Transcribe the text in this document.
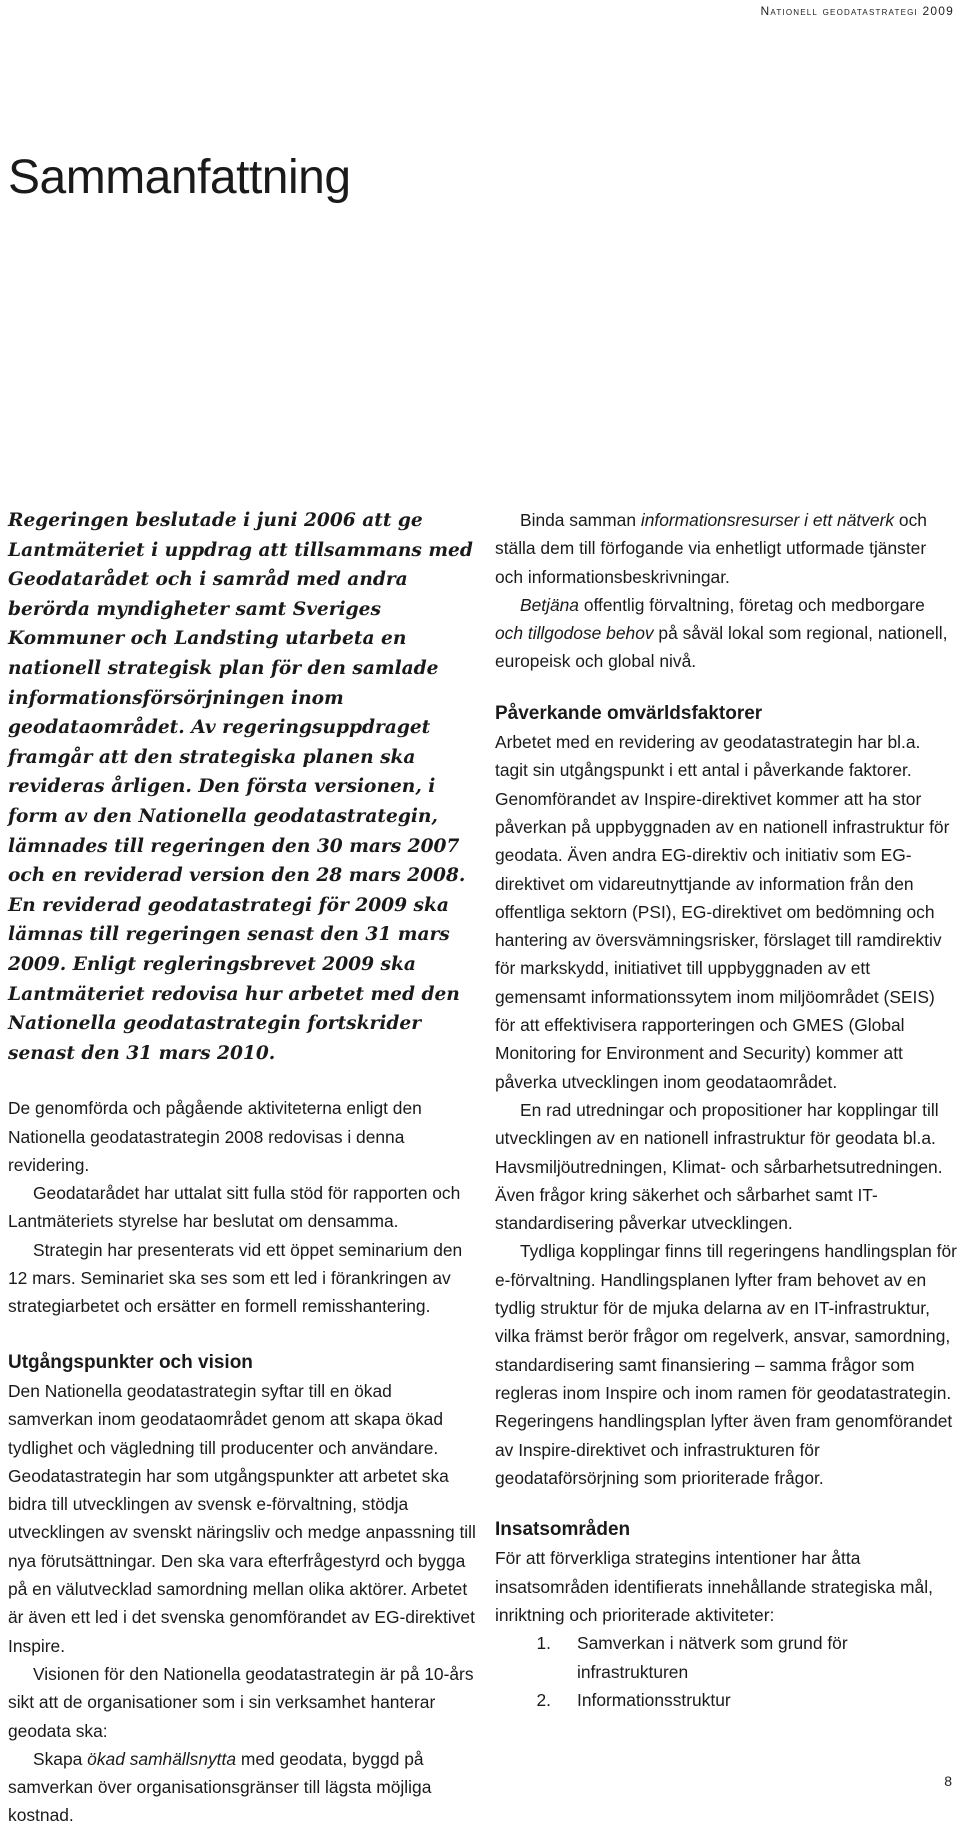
Nationell geodatastrategi 2009
Sammanfattning

Regeringen beslutade i juni 2006 att ge Lantmäteriet i uppdrag att tillsammans med Geodatarådet och i samråd med andra berörda myndigheter samt Sveriges Kommuner och Landsting utarbeta en nationell strategisk plan för den samlade informationsförsörjningen inom geodataområdet. Av regeringsuppdraget framgår att den strategiska planen ska revideras årligen. Den första versionen, i form av den Nationella geodatastrategin, lämnades till regeringen den 30 mars 2007 och en reviderad version den 28 mars 2008. En reviderad geodatastrategi för 2009 ska lämnas till regeringen senast den 31 mars 2009. Enligt regleringsbrevet 2009 ska Lantmäteriet redovisa hur arbetet med den Nationella geodatastrategin fortskrider senast den 31 mars 2010.

De genomförda och pågående aktiviteterna enligt den Nationella geodatastrategin 2008 redovisas i denna revidering.

Geodatarådet har uttalat sitt fulla stöd för rapporten och Lantmäteriets styrelse har beslutat om densamma.

Strategin har presenterats vid ett öppet seminarium den 12 mars. Seminariet ska ses som ett led i förankringen av strategiarbetet och ersätter en formell remisshantering.

Utgångspunkter och vision

Den Nationella geodatastrategin syftar till en ökad samverkan inom geodataområdet genom att skapa ökad tydlighet och vägledning till producenter och användare.

Geodatastrategin har som utgångspunkter att arbetet ska bidra till utvecklingen av svensk e-förvaltning, stödja utvecklingen av svenskt näringsliv och medge anpassning till nya förutsättningar. Den ska vara efterfrågestyrd och bygga på en välutvecklad samordning mellan olika aktörer. Arbetet är även ett led i det svenska genomförandet av EG-direktivet Inspire.

Visionen för den Nationella geodatastrategin är på 10-års sikt att de organisationer som i sin verksamhet hanterar geodata ska:

Skapa ökad samhällsnytta med geodata, byggd på samverkan över organisationsgränser till lägsta möjliga kostnad.

Binda samman informationsresurser i ett nätverk och ställa dem till förfogande via enhetligt utformade tjänster och informationsbeskrivningar.

Betjäna offentlig förvaltning, företag och medborgare och tillgodose behov på såväl lokal som regional, nationell, europeisk och global nivå.

Påverkande omvärldsfaktorer

Arbetet med en revidering av geodatastrategin har bl.a. tagit sin utgångspunkt i ett antal i påverkande faktorer.

Genomförandet av Inspire-direktivet kommer att ha stor påverkan på uppbyggnaden av en nationell infrastruktur för geodata. Även andra EG-direktiv och initiativ som EG-direktivet om vidareutnyttjande av information från den offentliga sektorn (PSI), EG-direktivet om bedömning och hantering av översvämningsrisker, förslaget till ramdirektiv för markskydd, initiativet till uppbyggnaden av ett gemensamt informationssytem inom miljöområdet (SEIS) för att effektivisera rapporteringen och GMES (Global Monitoring for Environment and Security) kommer att påverka utvecklingen inom geodataområdet.

En rad utredningar och propositioner har kopplingar till utvecklingen av en nationell infrastruktur för geodata bl.a. Havsmiljöutredningen, Klimat- och sårbarhetsutredningen. Även frågor kring säkerhet och sårbarhet samt IT-standardisering påverkar utvecklingen.

Tydliga kopplingar finns till regeringens handlingsplan för e-förvaltning. Handlingsplanen lyfter fram behovet av en tydlig struktur för de mjuka delarna av en IT-infrastruktur, vilka främst berör frågor om regelverk, ansvar, samordning, standardisering samt finansiering – samma frågor som regleras inom Inspire och inom ramen för geodatastrategin. Regeringens handlingsplan lyfter även fram genomförandet av Inspire-direktivet och infrastrukturen för geodataförsörjning som prioriterade frågor.

Insatsområden

För att förverkliga strategins intentioner har åtta insatsområden identifierats innehållande strategiska mål, inriktning och prioriterade aktiviteter:

1.	Samverkan i nätverk som grund för infrastrukturen
2.	Informationsstruktur
8
